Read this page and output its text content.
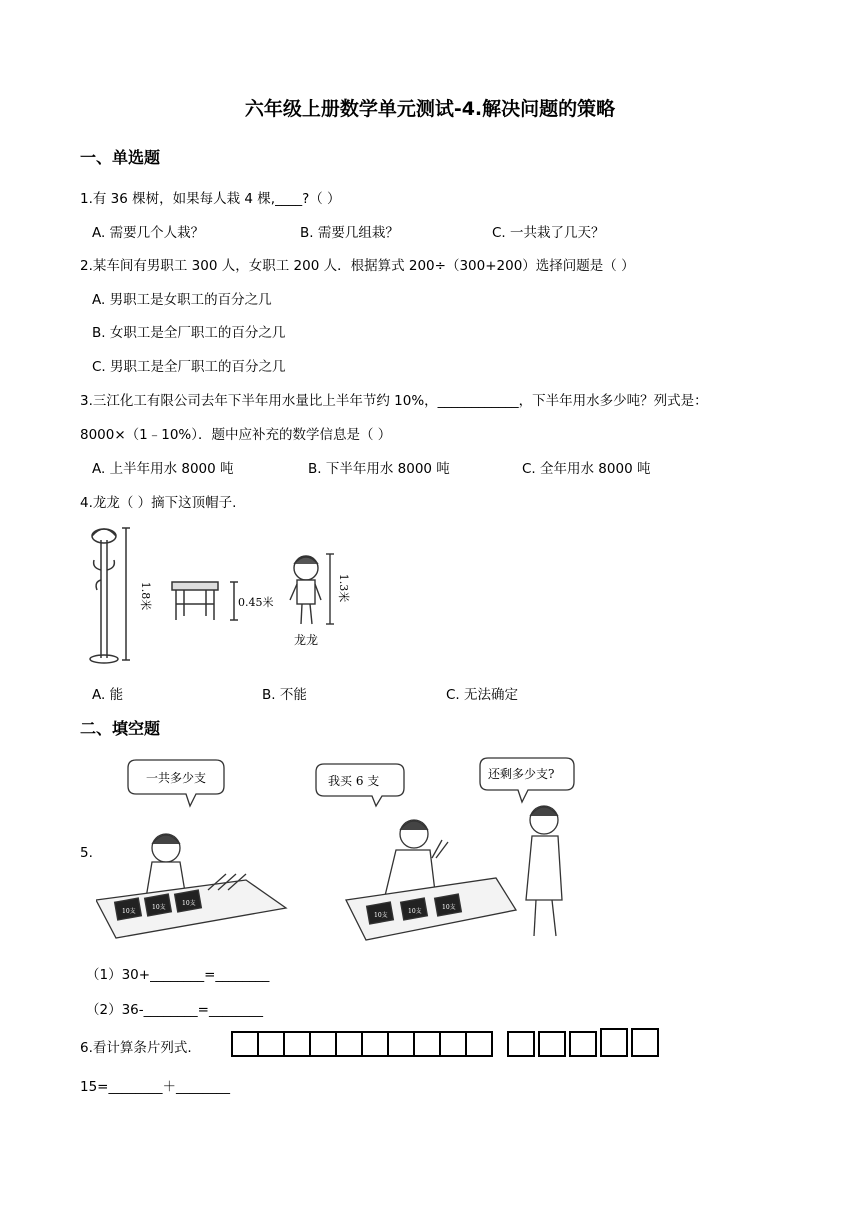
六年级上册数学单元测试-4.解决问题的策略
一、单选题
1.有 36 棵树，如果每人栽 4 棵,____?（ ）
A. 需要几个人栽？	B. 需要几组栽？	C. 一共栽了几天？
2.某车间有男职工 300 人，女职工 200 人．根据算式 200÷（300+200）选择问题是（ ）
A. 男职工是女职工的百分之几
B. 女职工是全厂职工的百分之几
C. 男职工是全厂职工的百分之几
3.三江化工有限公司去年下半年用水量比上半年节约 10%，____________，下半年用水多少吨？列式是：
8000×（1﹣10%）．题中应补充的数学信息是（ ）
A. 上半年用水 8000 吨	B. 下半年用水 8000 吨	C. 全年用水 8000 吨
4.龙龙（ ）摘下这顶帽子.
1.8米	0.45米
1.3米
龙龙
A. 能	B. 不能	C. 无法确定
二、填空题
5.
一共多少支
10支
10支
10支
我买 6 支	还剩多少支?
10支
10支
10支
（1）30+________=________
（2）36-________=________
6.看计算条片列式.
15=________＋________
